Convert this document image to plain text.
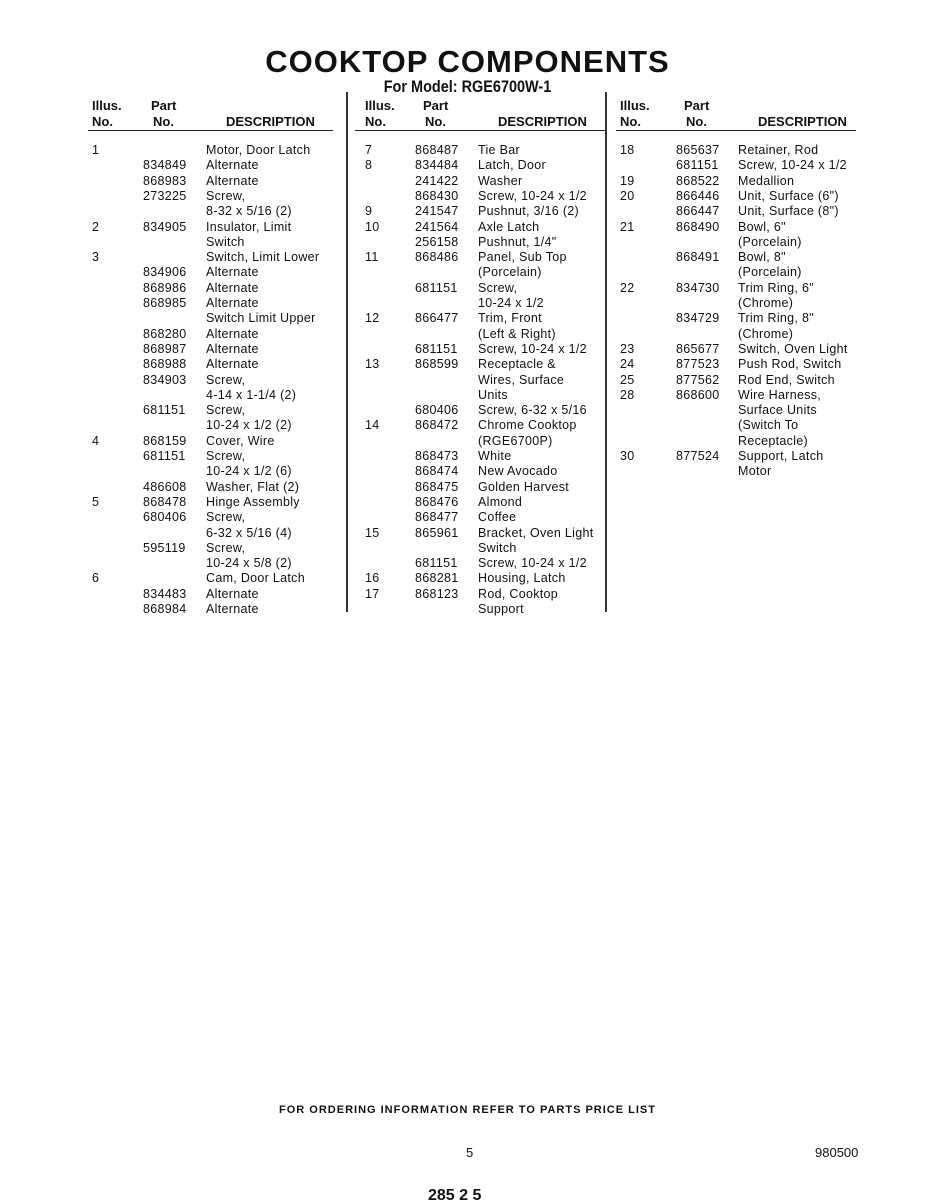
COOKTOP COMPONENTS
For Model: RGE6700W-1
Illus.
No.
Part
No.	DESCRIPTION
1	Motor, Door Latch
834849 Alternate
868983 Alternate
273225 Screw,
8-32 x 5/16 (2)
2	834905 Insulator, Limit
Switch
3	Switch, Limit Lower
834906 Alternate
868986 Alternate
868985 Alternate
Switch Limit Upper
868280 Alternate
868987 Alternate
868988 Alternate
834903 Screw,
4-14 x 1-1/4 (2)
681151 Screw,
10-24 x 1/2 (2)
4	868159 Cover, Wire
681151 Screw,
10-24 x 1/2 (6)
486608 Washer, Flat (2)
5	868478 Hinge Assembly
680406 Screw,
6-32 x 5/16 (4)
595119 Screw,
10-24 x 5/8 (2)
6	Cam, Door Latch
834483 Alternate
868984 Alternate
Illus.
No.
Part
No.	DESCRIPTION
7	868487 Tie Bar
8	834484 Latch, Door
241422 Washer
868430 Screw, 10-24 x 1/2
9	241547 Pushnut, 3/16 (2)
10	241564 Axle Latch
256158 Pushnut, 1/4"
11	868486 Panel, Sub Top
(Porcelain)
681151 Screw,
10-24 x 1/2
12	866477 Trim, Front
(Left & Right)
681151 Screw, 10-24 x 1/2
13	868599 Receptacle &
Wires, Surface
Units
680406 Screw, 6-32 x 5/16
14	868472 Chrome Cooktop
(RGE6700P)
868473 White
868474 New Avocado
868475 Golden Harvest
868476 Almond
868477 Coffee
15	865961 Bracket, Oven Light
Switch
681151 Screw, 10-24 x 1/2
16	868281 Housing, Latch
17	868123 Rod, Cooktop
Support
Illus.
No.
Part
No.	DESCRIPTION
18	865637 Retainer, Rod
681151 Screw, 10-24 x 1/2
19	868522 Medallion
20	866446 Unit, Surface (6")
866447 Unit, Surface (8")
21	868490 Bowl, 6"
(Porcelain)
868491 Bowl, 8"
(Porcelain)
22	834730 Trim Ring, 6"
(Chrome)
834729 Trim Ring, 8"
(Chrome)
23	865677 Switch, Oven Light
24	877523 Push Rod, Switch
25	877562 Rod End, Switch
28	868600 Wire Harness,
Surface Units
(Switch To
Receptacle)
30	877524 Support, Latch
Motor
FOR ORDERING INFORMATION REFER TO PARTS PRICE LIST
5	980500
285 2 5
